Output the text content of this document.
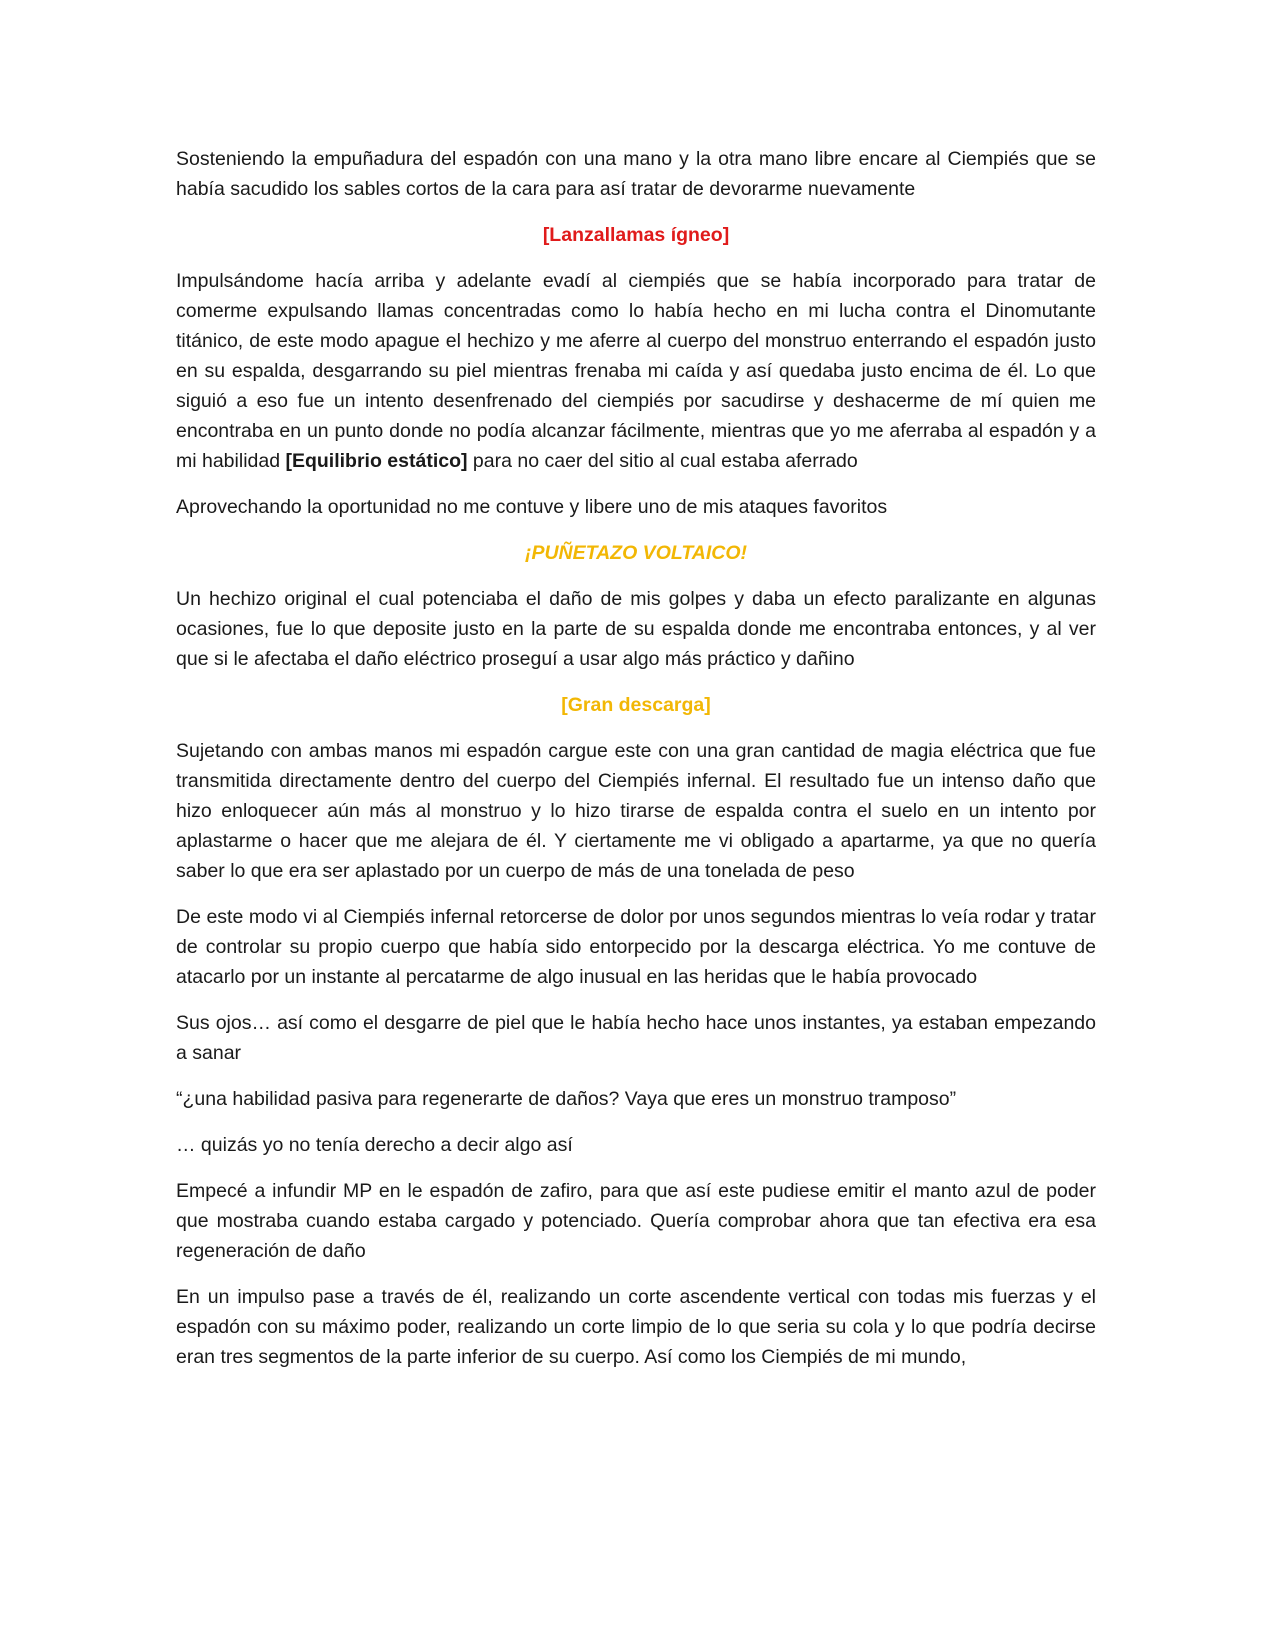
Sosteniendo la empuñadura del espadón con una mano y la otra mano libre encare al Ciempiés que se había sacudido los sables cortos de la cara para así tratar de devorarme nuevamente

[Lanzallamas ígneo]

Impulsándome hacía arriba y adelante evadí al ciempiés que se había incorporado para tratar de comerme expulsando llamas concentradas como lo había hecho en mi lucha contra el Dinomutante titánico, de este modo apague el hechizo y me aferre al cuerpo del monstruo enterrando el espadón justo en su espalda, desgarrando su piel mientras frenaba mi caída y así quedaba justo encima de él. Lo que siguió a eso fue un intento desenfrenado del ciempiés por sacudirse y deshacerme de mí quien me encontraba en un punto donde no podía alcanzar fácilmente, mientras que yo me aferraba al espadón y a mi habilidad [Equilibrio estático] para no caer del sitio al cual estaba aferrado

Aprovechando la oportunidad no me contuve y libere uno de mis ataques favoritos

¡PUÑETAZO VOLTAICO!

Un hechizo original el cual potenciaba el daño de mis golpes y daba un efecto paralizante en algunas ocasiones, fue lo que deposite justo en la parte de su espalda donde me encontraba entonces, y al ver que si le afectaba el daño eléctrico proseguí a usar algo más práctico y dañino

[Gran descarga]

Sujetando con ambas manos mi espadón cargue este con una gran cantidad de magia eléctrica que fue transmitida directamente dentro del cuerpo del Ciempiés infernal. El resultado fue un intenso daño que hizo enloquecer aún más al monstruo y lo hizo tirarse de espalda contra el suelo en un intento por aplastarme o hacer que me alejara de él. Y ciertamente me vi obligado a apartarme, ya que no quería saber lo que era ser aplastado por un cuerpo de más de una tonelada de peso

De este modo vi al Ciempiés infernal retorcerse de dolor por unos segundos mientras lo veía rodar y tratar de controlar su propio cuerpo que había sido entorpecido por la descarga eléctrica. Yo me contuve de atacarlo por un instante al percatarme de algo inusual en las heridas que le había provocado

Sus ojos… así como el desgarre de piel que le había hecho hace unos instantes, ya estaban empezando a sanar

“¿una habilidad pasiva para regenerarte de daños? Vaya que eres un monstruo tramposo”

… quizás yo no tenía derecho a decir algo así

Empecé a infundir MP en le espadón de zafiro, para que así este pudiese emitir el manto azul de poder que mostraba cuando estaba cargado y potenciado. Quería comprobar ahora que tan efectiva era esa regeneración de daño

En un impulso pase a través de él, realizando un corte ascendente vertical con todas mis fuerzas y el espadón con su máximo poder, realizando un corte limpio de lo que seria su cola y lo que podría decirse eran tres segmentos de la parte inferior de su cuerpo. Así como los Ciempiés de mi mundo,
